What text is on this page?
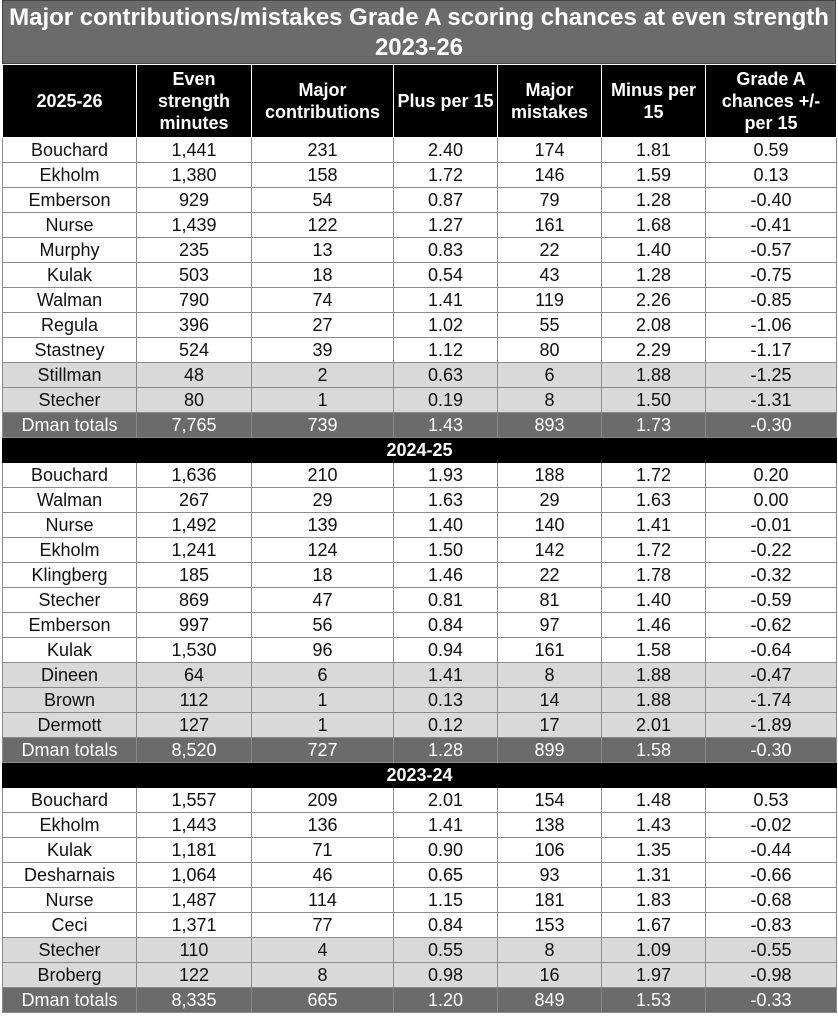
Major contributions/mistakes Grade A scoring chances at even strength 2023-26
2025-26	Even strength minutes	Major contributions	Plus per 15	Major mistakes	Minus per 15	Grade A chances +/- per 15
Bouchard	1,441	231	2.40	174	1.81	0.59
Ekholm	1,380	158	1.72	146	1.59	0.13
Emberson	929	54	0.87	79	1.28	-0.40
Nurse	1,439	122	1.27	161	1.68	-0.41
Murphy	235	13	0.83	22	1.40	-0.57
Kulak	503	18	0.54	43	1.28	-0.75
Walman	790	74	1.41	119	2.26	-0.85
Regula	396	27	1.02	55	2.08	-1.06
Stastney	524	39	1.12	80	2.29	-1.17
Stillman	48	2	0.63	6	1.88	-1.25
Stecher	80	1	0.19	8	1.50	-1.31
Dman totals	7,765	739	1.43	893	1.73	-0.30
2024-25						
Bouchard	1,636	210	1.93	188	1.72	0.20
Walman	267	29	1.63	29	1.63	0.00
Nurse	1,492	139	1.40	140	1.41	-0.01
Ekholm	1,241	124	1.50	142	1.72	-0.22
Klingberg	185	18	1.46	22	1.78	-0.32
Stecher	869	47	0.81	81	1.40	-0.59
Emberson	997	56	0.84	97	1.46	-0.62
Kulak	1,530	96	0.94	161	1.58	-0.64
Dineen	64	6	1.41	8	1.88	-0.47
Brown	112	1	0.13	14	1.88	-1.74
Dermott	127	1	0.12	17	2.01	-1.89
Dman totals	8,520	727	1.28	899	1.58	-0.30
2023-24						
Bouchard	1,557	209	2.01	154	1.48	0.53
Ekholm	1,443	136	1.41	138	1.43	-0.02
Kulak	1,181	71	0.90	106	1.35	-0.44
Desharnais	1,064	46	0.65	93	1.31	-0.66
Nurse	1,487	114	1.15	181	1.83	-0.68
Ceci	1,371	77	0.84	153	1.67	-0.83
Stecher	110	4	0.55	8	1.09	-0.55
Broberg	122	8	0.98	16	1.97	-0.98
Dman totals	8,335	665	1.20	849	1.53	-0.33
